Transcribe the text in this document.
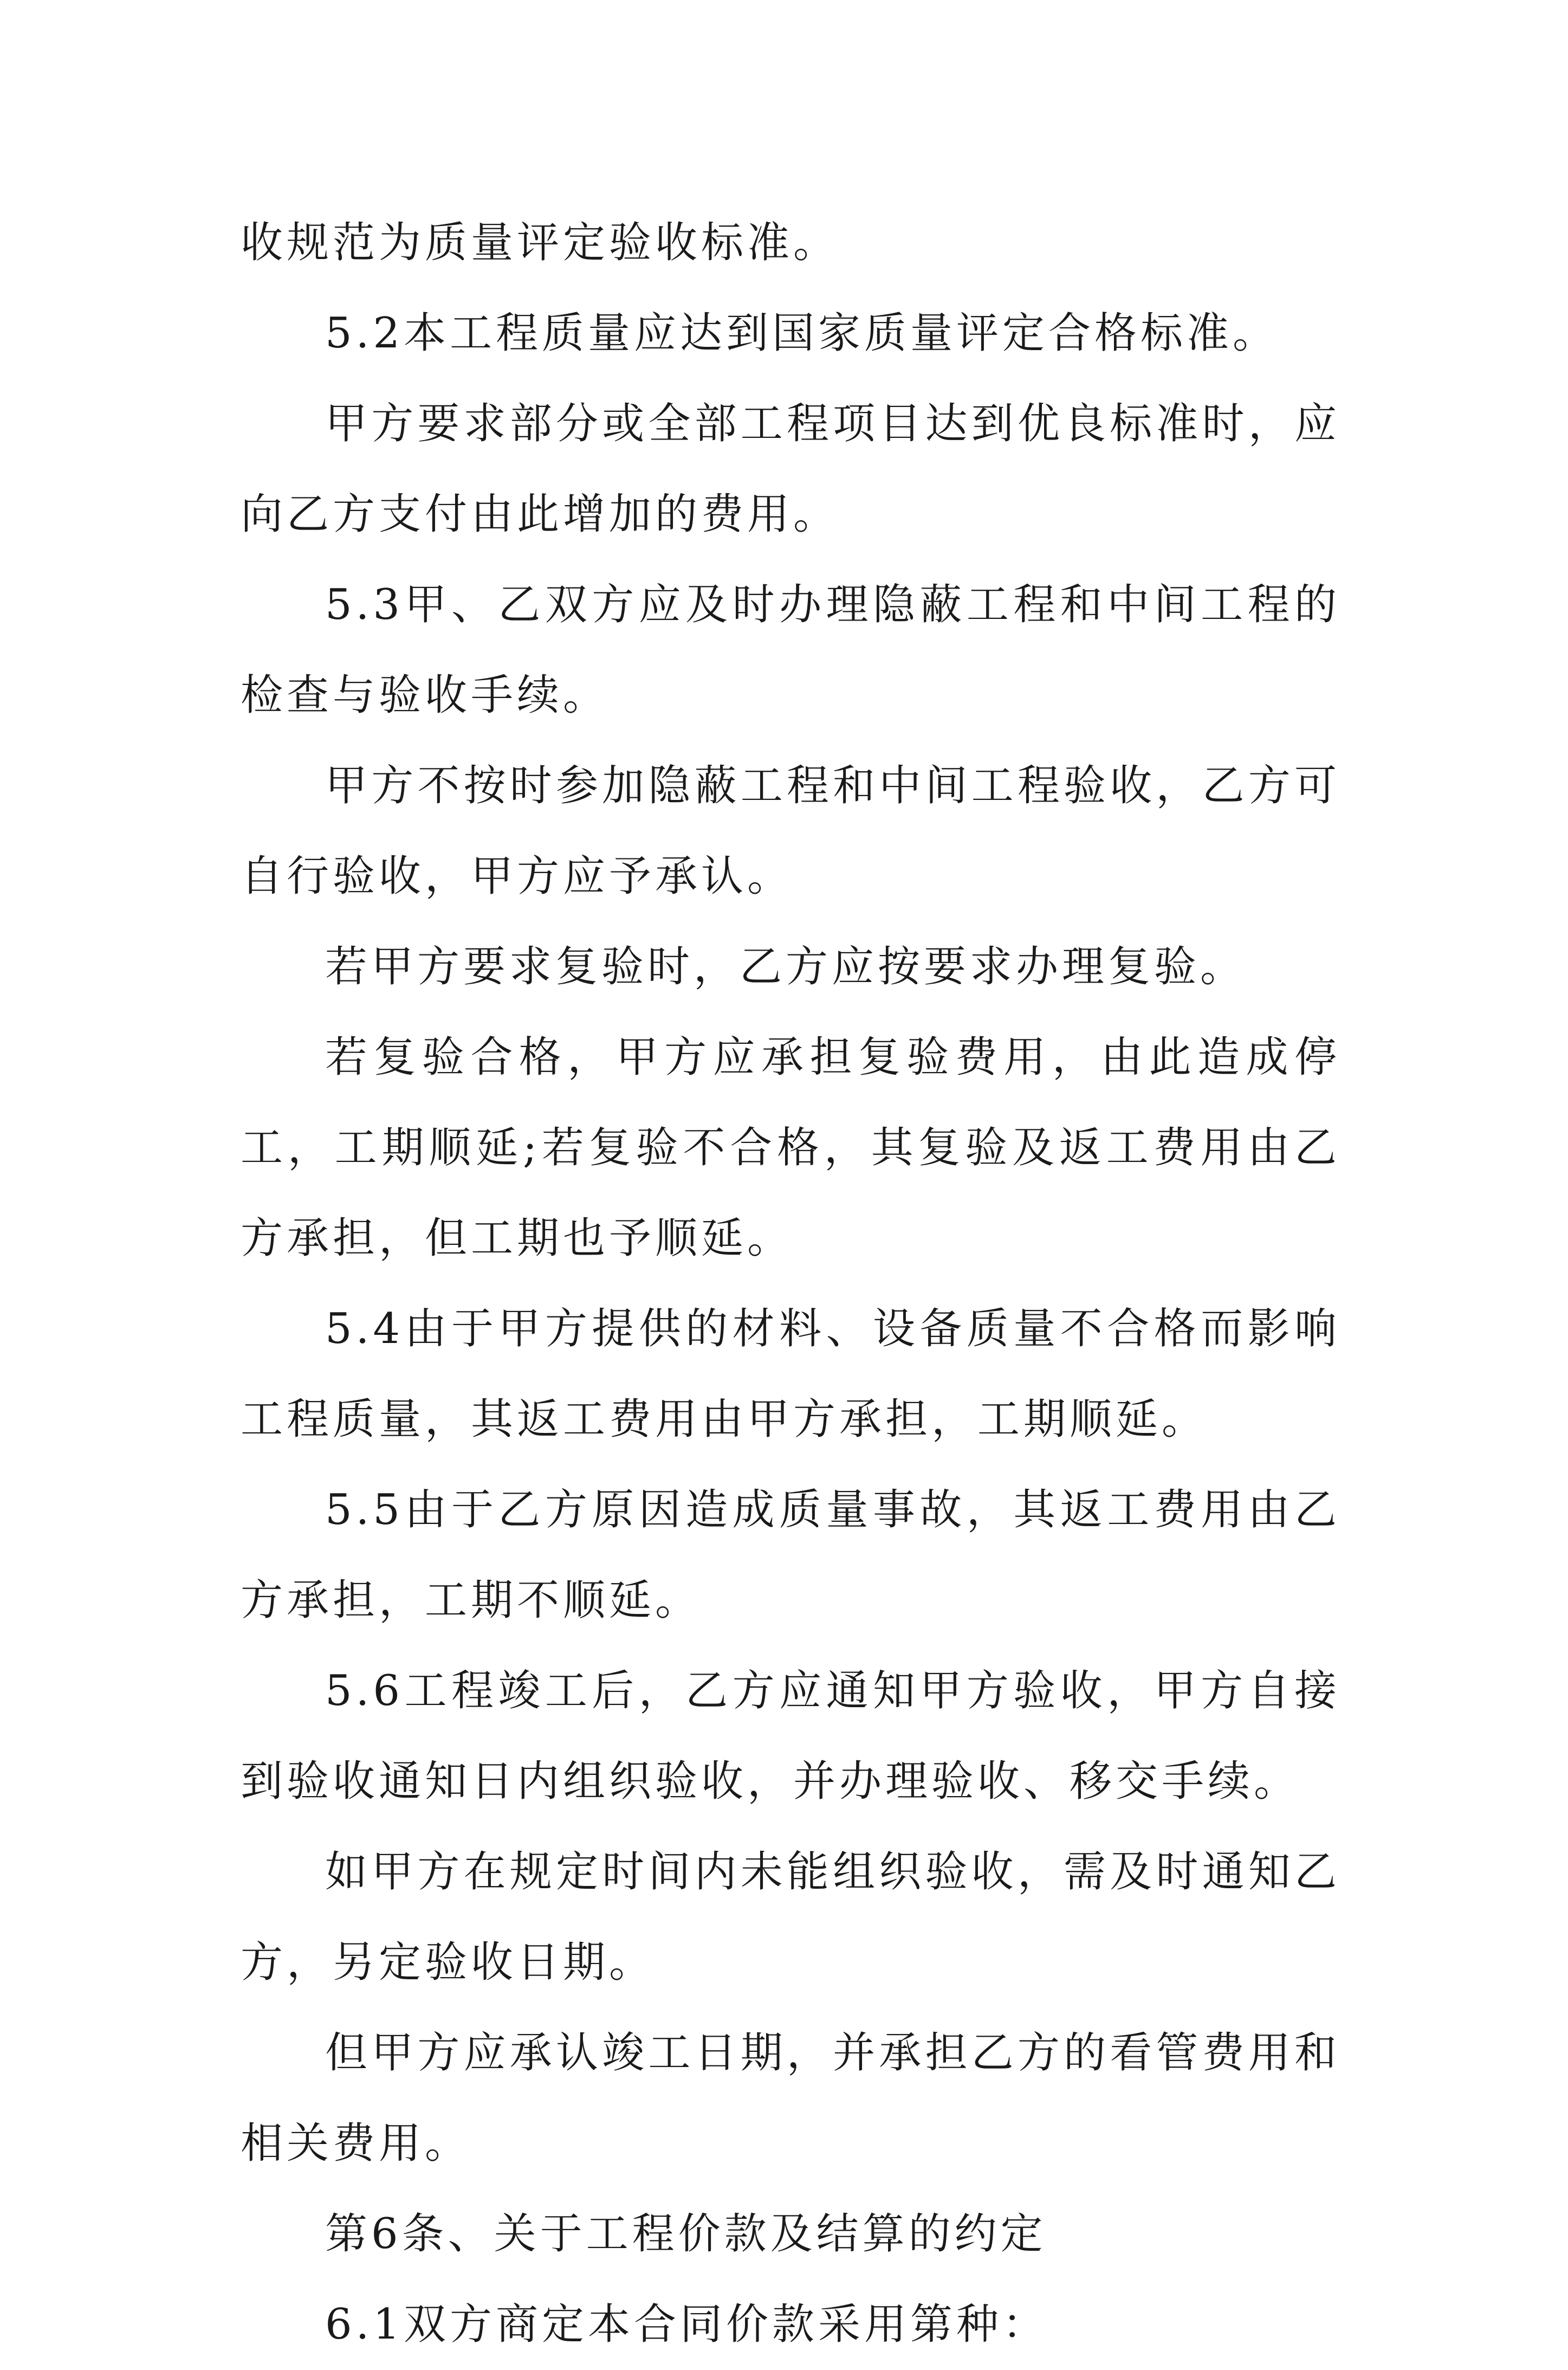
收规范为质量评定验收标准。

5.2本工程质量应达到国家质量评定合格标准。

甲方要求部分或全部工程项目达到优良标准时，应向乙方支付由此增加的费用。

5.3甲、乙双方应及时办理隐蔽工程和中间工程的检查与验收手续。

甲方不按时参加隐蔽工程和中间工程验收，乙方可自行验收，甲方应予承认。

若甲方要求复验时，乙方应按要求办理复验。

若复验合格，甲方应承担复验费用，由此造成停工，工期顺延;若复验不合格，其复验及返工费用由乙方承担，但工期也予顺延。

5.4由于甲方提供的材料、设备质量不合格而影响工程质量，其返工费用由甲方承担，工期顺延。

5.5由于乙方原因造成质量事故，其返工费用由乙方承担，工期不顺延。

5.6工程竣工后，乙方应通知甲方验收，甲方自接到验收通知日内组织验收，并办理验收、移交手续。

如甲方在规定时间内未能组织验收，需及时通知乙方，另定验收日期。

但甲方应承认竣工日期，并承担乙方的看管费用和相关费用。

第6条、关于工程价款及结算的约定

6.1双方商定本合同价款采用第种：
